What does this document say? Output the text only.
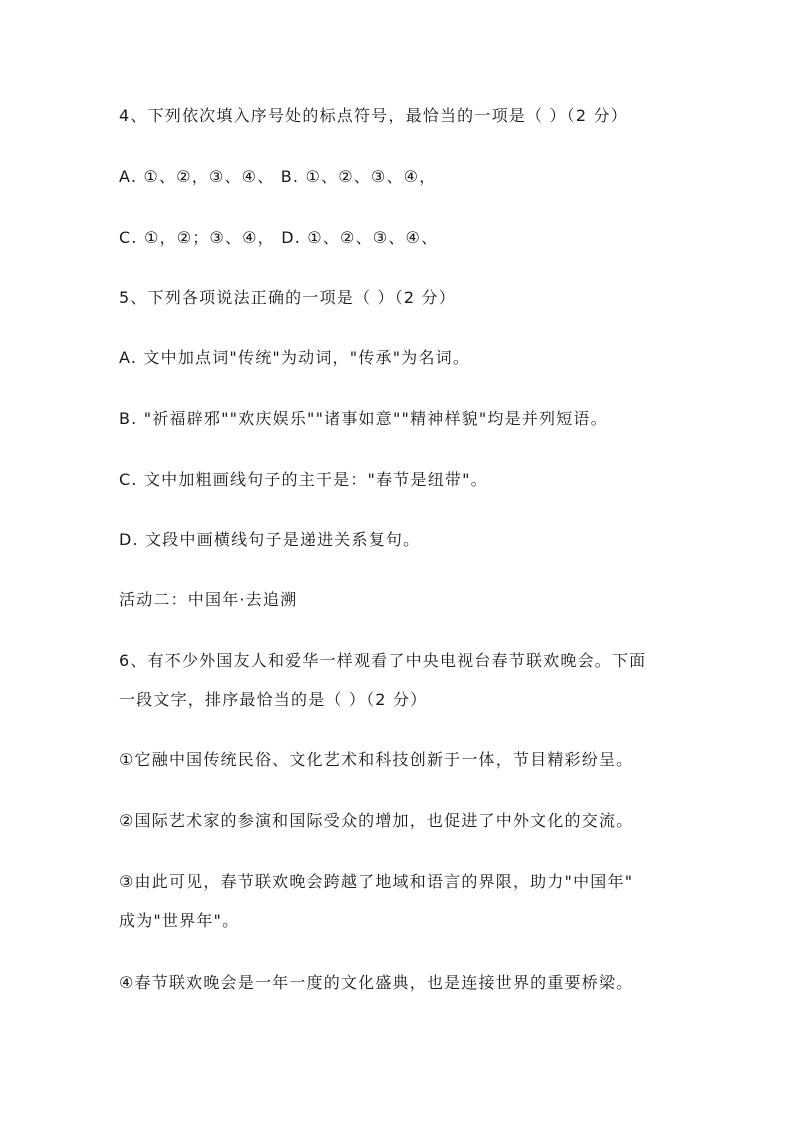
4、下列依次填入序号处的标点符号，最恰当的一项是（ ）（2 分）
A. ①、②，③、④、 B. ①、②、③、④，
C. ①，②；③、④， D. ①、②、③、④、
5、下列各项说法正确的一项是（ ）（2 分）
A. 文中加点词"传统"为动词，"传承"为名词。
B. "祈福辟邪""欢庆娱乐""诸事如意""精神样貌"均是并列短语。
C. 文中加粗画线句子的主干是："春节是纽带"。
D. 文段中画横线句子是递进关系复句。
活动二：中国年·去追溯
6、有不少外国友人和爱华一样观看了中央电视台春节联欢晚会。下面
一段文字，排序最恰当的是（ ）（2 分）
①它融中国传统民俗、文化艺术和科技创新于一体，节目精彩纷呈。
②国际艺术家的参演和国际受众的增加，也促进了中外文化的交流。
③由此可见，春节联欢晚会跨越了地域和语言的界限，助力"中国年"
成为"世界年"。
④春节联欢晚会是一年一度的文化盛典，也是连接世界的重要桥梁。
